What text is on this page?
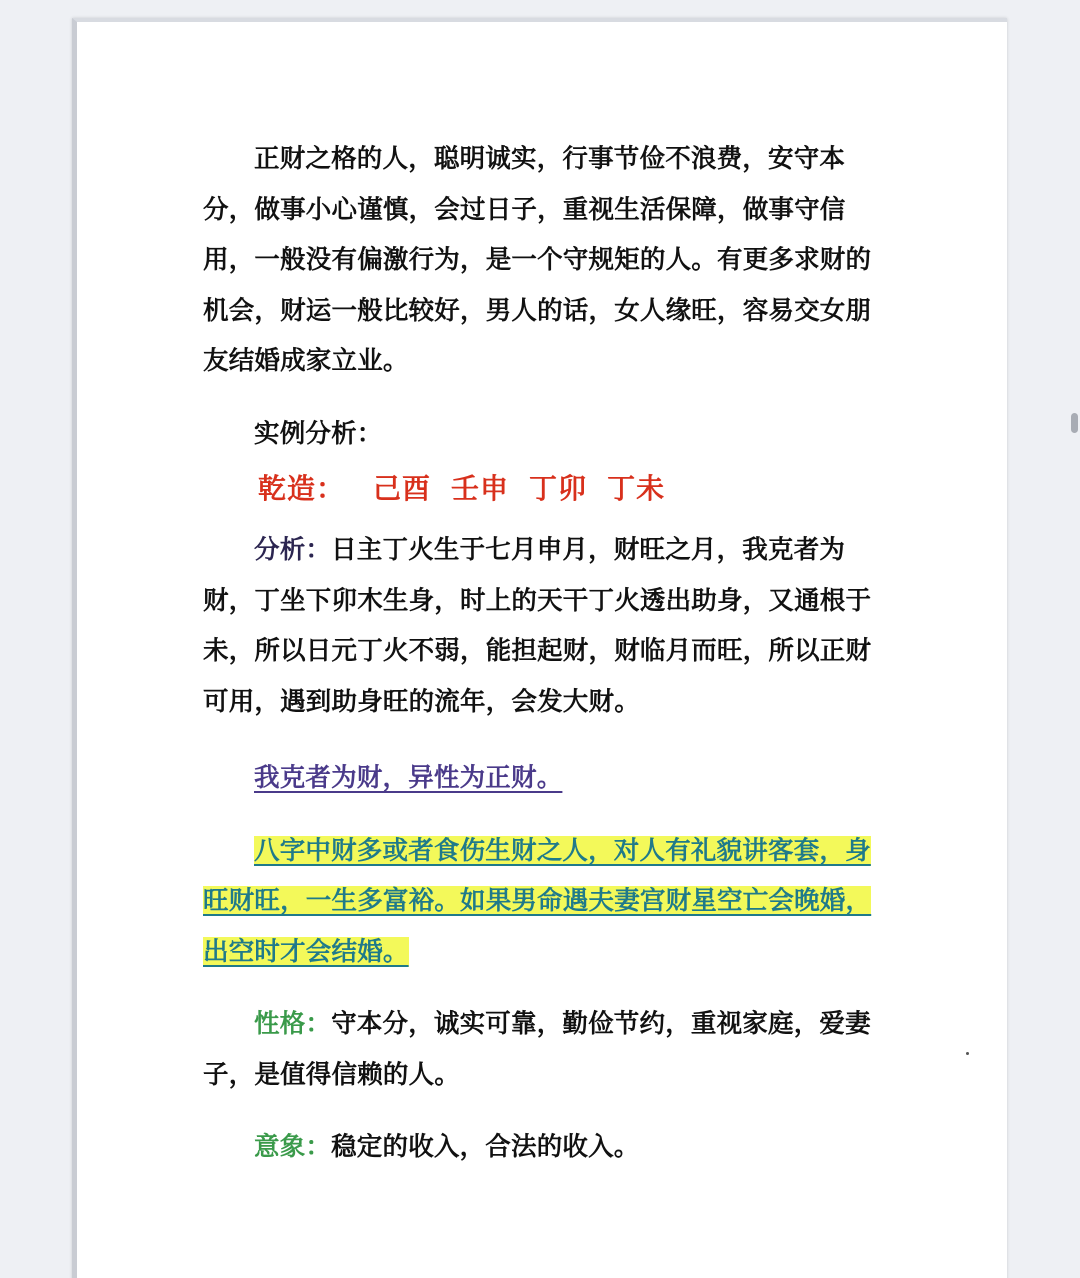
正财之格的人，聪明诚实，行事节俭不浪费，安守本分，做事小心谨慎，会过日子，重视生活保障，做事守信用，一般没有偏激行为，是一个守规矩的人。有更多求财的机会，财运一般比较好，男人的话，女人缘旺，容易交女朋友结婚成家立业。

实例分析：

乾造： 己酉 壬申 丁卯 丁未

分析：日主丁火生于七月申月，财旺之月，我克者为财，丁坐下卯木生身，时上的天干丁火透出助身，又通根于未，所以日元丁火不弱，能担起财，财临月而旺，所以正财可用，遇到助身旺的流年，会发大财。

我克者为财，异性为正财。

八字中财多或者食伤生财之人，对人有礼貌讲客套，身旺财旺，一生多富裕。如果男命遇夫妻宫财星空亡会晚婚，出空时才会结婚。

性格：守本分，诚实可靠，勤俭节约，重视家庭，爱妻子，是值得信赖的人。

意象：稳定的收入，合法的收入。
